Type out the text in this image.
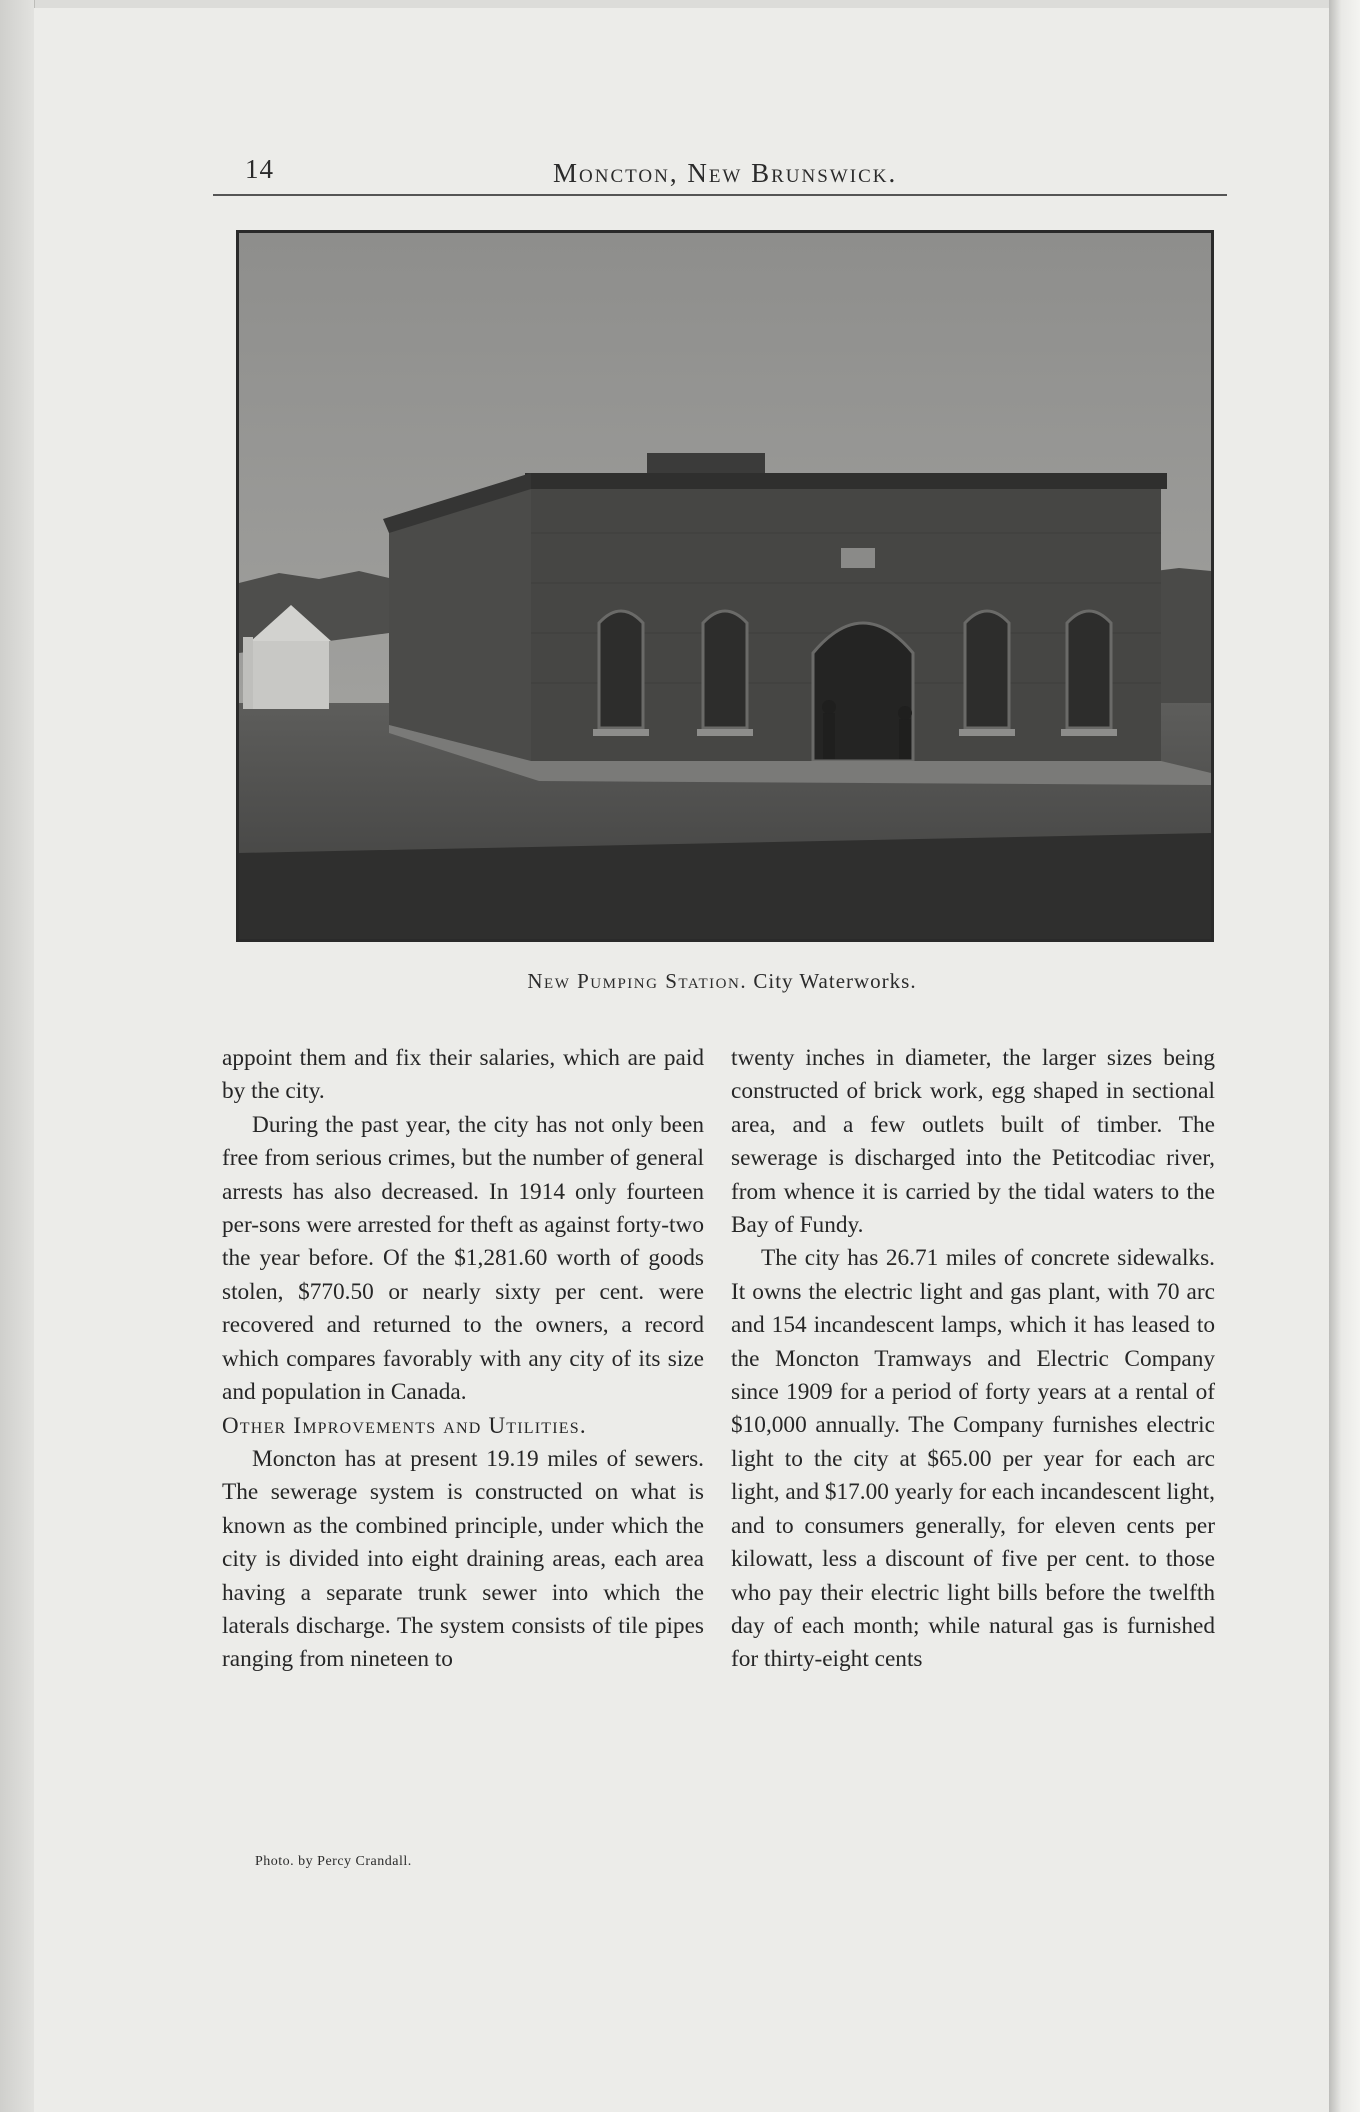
14	Moncton, New Brunswick.
New Pumping Station. City Waterworks.

appoint them and fix their salaries, which are paid by the city.

During the past year, the city has not only been free from serious crimes, but the number of general arrests has also decreased. In 1914 only fourteen per-sons were arrested for theft as against forty-two the year before. Of the $1,281.60 worth of goods stolen, $770.50 or nearly sixty per cent. were recovered and returned to the owners, a record which compares favorably with any city of its size and population in Canada.

Other Improvements and Utilities.

Moncton has at present 19.19 miles of sewers. The sewerage system is constructed on what is known as the combined principle, under which the city is divided into eight draining areas, each area having a separate trunk sewer into which the laterals discharge. The system consists of tile pipes ranging from nineteen to

Photo. by Percy Crandall.

twenty inches in diameter, the larger sizes being constructed of brick work, egg shaped in sectional area, and a few outlets built of timber. The sewerage is discharged into the Petitcodiac river, from whence it is carried by the tidal waters to the Bay of Fundy.

The city has 26.71 miles of concrete sidewalks. It owns the electric light and gas plant, with 70 arc and 154 incandescent lamps, which it has leased to the Moncton Tramways and Electric Company since 1909 for a period of forty years at a rental of $10,000 annually. The Company furnishes electric light to the city at $65.00 per year for each arc light, and $17.00 yearly for each incandescent light, and to consumers generally, for eleven cents per kilowatt, less a discount of five per cent. to those who pay their electric light bills before the twelfth day of each month; while natural gas is furnished for thirty-eight cents
